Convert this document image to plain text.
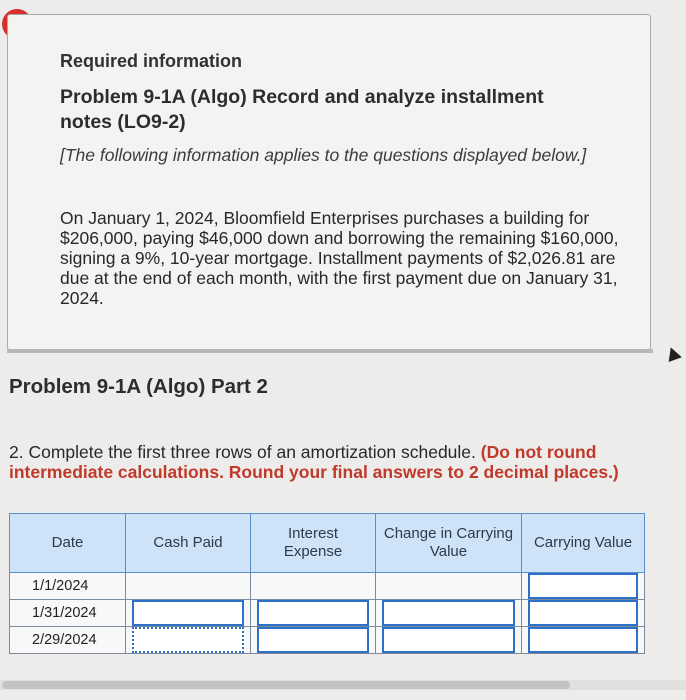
Required information
Problem 9-1A (Algo) Record and analyze installment notes (LO9-2)
[The following information applies to the questions displayed below.]
On January 1, 2024, Bloomfield Enterprises purchases a building for $206,000, paying $46,000 down and borrowing the remaining $160,000, signing a 9%, 10-year mortgage. Installment payments of $2,026.81 are due at the end of each month, with the first payment due on January 31, 2024.
Problem 9-1A (Algo) Part 2
2. Complete the first three rows of an amortization schedule. (Do not round intermediate calculations. Round your final answers to 2 decimal places.)
Date	Cash Paid	Interest Expense	Change in Carrying Value	Carrying Value
1/1/2024				

1/31/2024	

2/29/2024	
